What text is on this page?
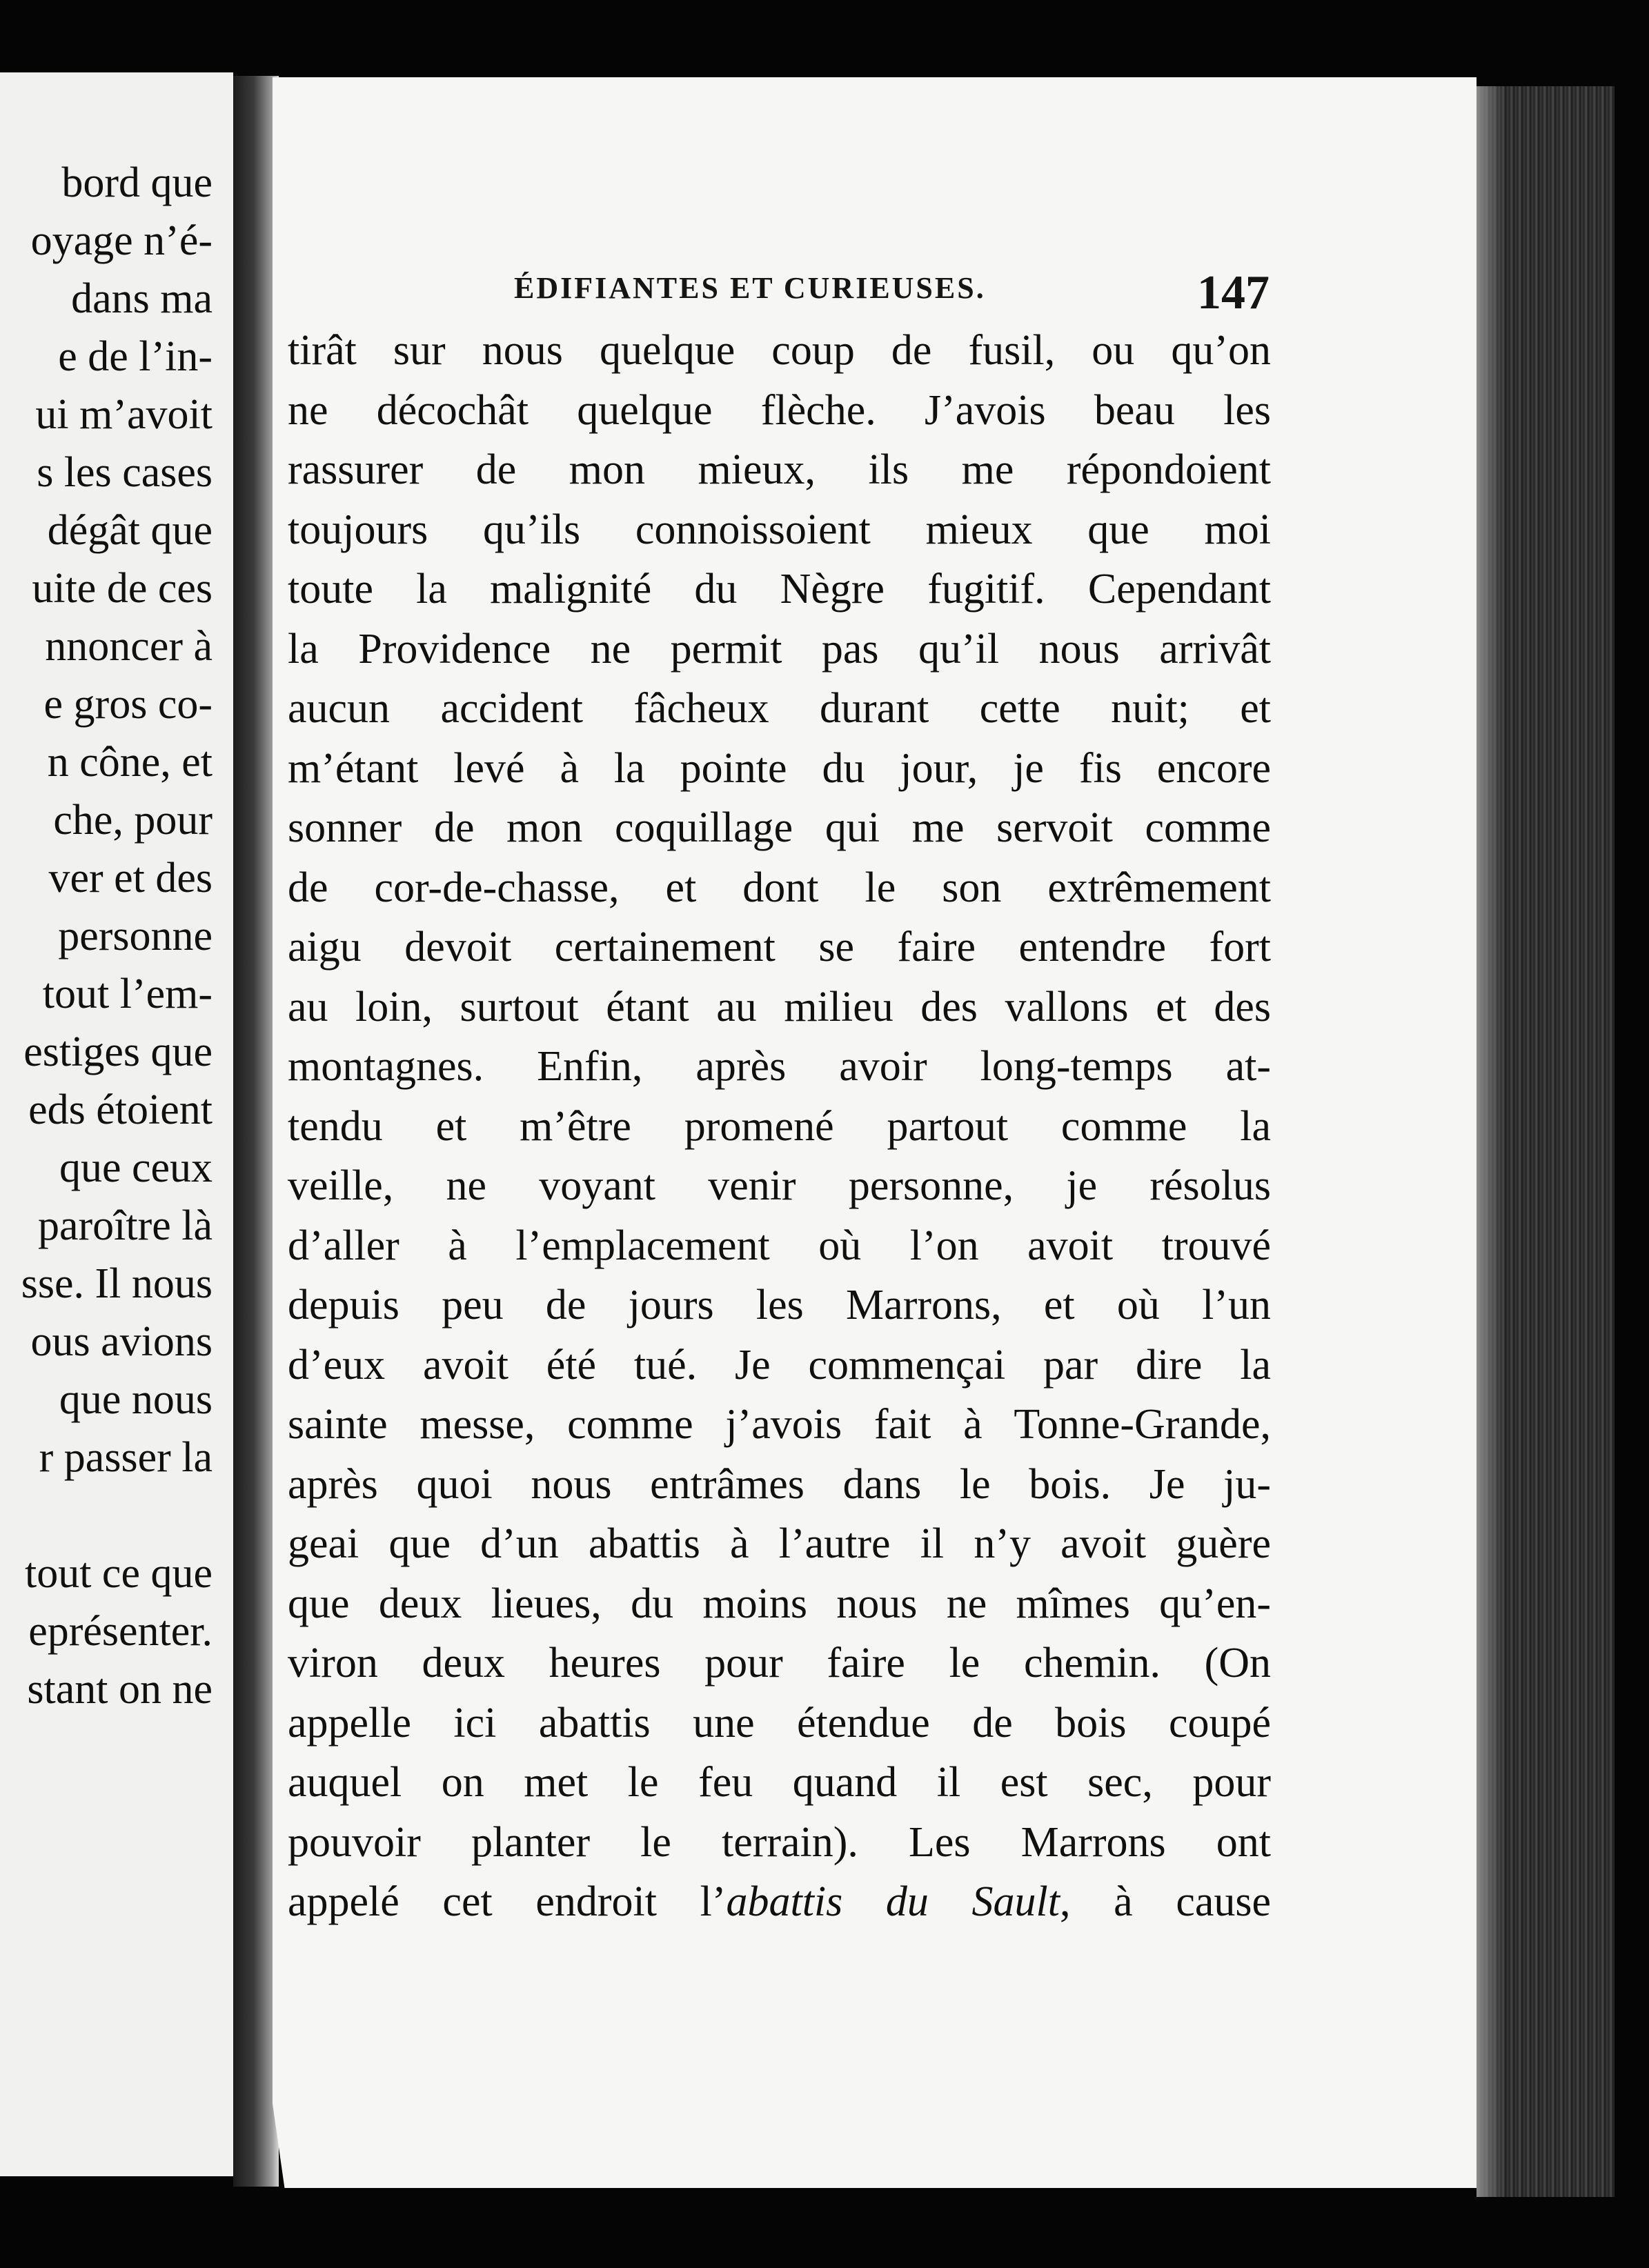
bord que
oyage n’é-
dans ma
e de l’in-
ui m’avoit
s les cases
dégât que
uite de ces
nnoncer à
e gros co-
n cône, et
che, pour
ver et des
personne
tout l’em-
estiges que
eds étoient
que ceux
paroître là
sse. Il nous
ous avions
que nous
r passer la
tout ce que
eprésenter.
stant on ne
ÉDIFIANTES ET CURIEUSES.	147
tirât sur nous quelque coup de fusil, ou qu’on
ne décochât quelque flèche. J’avois beau les
rassurer de mon mieux, ils me répondoient
toujours qu’ils connoissoient mieux que moi
toute la malignité du Nègre fugitif. Cependant
la Providence ne permit pas qu’il nous arrivât
aucun accident fâcheux durant cette nuit; et
m’étant levé à la pointe du jour, je fis encore
sonner de mon coquillage qui me servoit comme
de cor-de-chasse, et dont le son extrêmement
aigu devoit certainement se faire entendre fort
au loin, surtout étant au milieu des vallons et des
montagnes. Enfin, après avoir long-temps at-
tendu et m’être promené partout comme la
veille, ne voyant venir personne, je résolus
d’aller à l’emplacement où l’on avoit trouvé
depuis peu de jours les Marrons, et où l’un
d’eux avoit été tué. Je commençai par dire la
sainte messe, comme j’avois fait à Tonne-Grande,
après quoi nous entrâmes dans le bois. Je ju-
geai que d’un abattis à l’autre il n’y avoit guère
que deux lieues, du moins nous ne mîmes qu’en-
viron deux heures pour faire le chemin. (On
appelle ici abattis une étendue de bois coupé
auquel on met le feu quand il est sec, pour
pouvoir planter le terrain). Les Marrons ont
appelé cet endroit l’abattis du Sault, à cause
